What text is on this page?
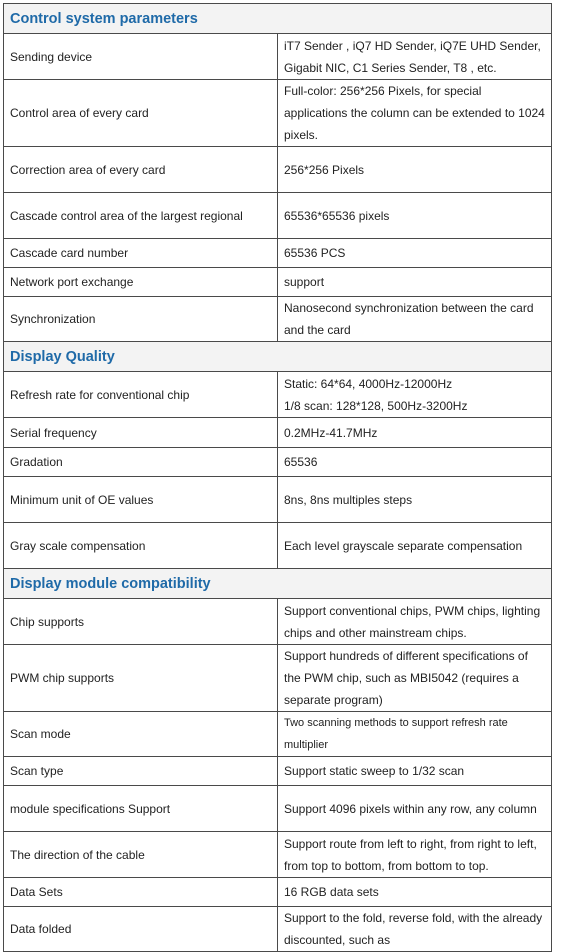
Control system parameters	
Sending device	iT7 Sender , iQ7 HD Sender, iQ7E UHD Sender, Gigabit NIC, C1 Series Sender, T8 , etc.
Control area of every card	Full-color: 256*256 Pixels, for special applications the column can be extended to 1024 pixels.
Correction area of every card	256*256 Pixels
Cascade control area of the largest regional	65536*65536 pixels
Cascade card number	65536 PCS
Network port exchange	support
Synchronization	Nanosecond synchronization between the card and the card
Display Quality	
Refresh rate for conventional chip	Static: 64*64, 4000Hz-12000Hz
1/8 scan: 128*128, 500Hz-3200Hz

Serial frequency	0.2MHz-41.7MHz
Gradation	65536
Minimum unit of OE values	8ns, 8ns multiples steps
Gray scale compensation	Each level grayscale separate compensation
Display module compatibility	
Chip supports	Support conventional chips, PWM chips, lighting chips and other mainstream chips.
PWM chip supports	Support hundreds of different specifications of the PWM chip, such as MBI5042 (requires a separate program)
Scan mode	Two scanning methods to support refresh rate multiplier
Scan type	Support static sweep to 1/32 scan
module specifications Support	Support 4096 pixels within any row, any column
The direction of the cable	Support route from left to right, from right to left, from top to bottom, from bottom to top.
Data Sets	16 RGB data sets
Data folded	Support to the fold, reverse fold, with the already discounted, such as
